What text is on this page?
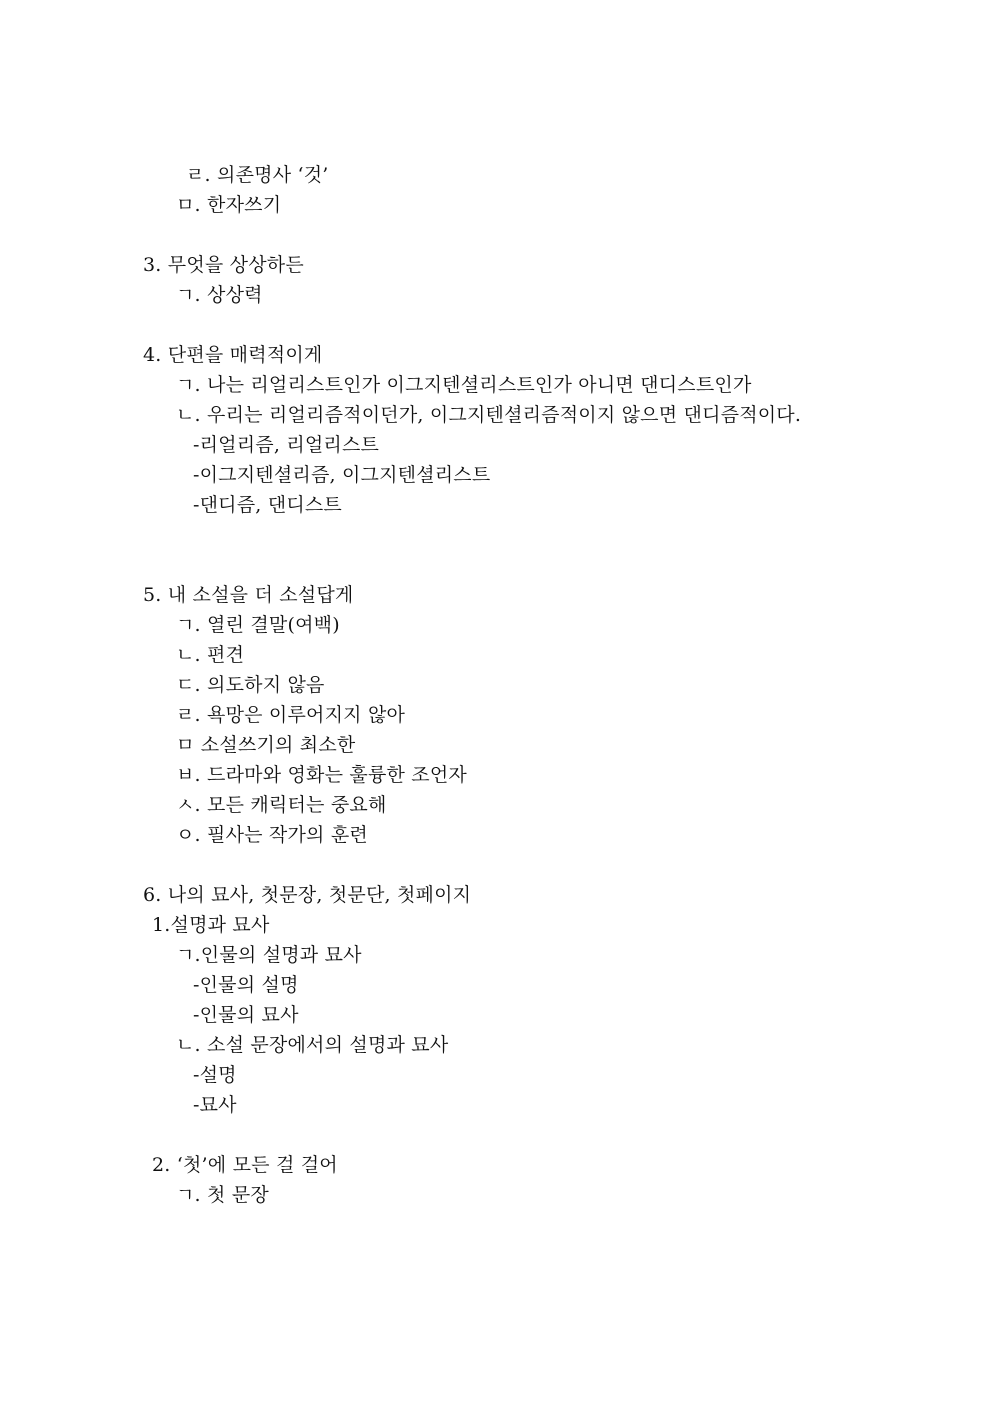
ㄹ. 의존명사 ‘것’
ㅁ. 한자쓰기
3. 무엇을 상상하든
ㄱ. 상상력
4. 단편을 매력적이게
ㄱ. 나는 리얼리스트인가 이그지텐셜리스트인가 아니면 댄디스트인가
ㄴ. 우리는 리얼리즘적이던가, 이그지텐셜리즘적이지 않으면 댄디즘적이다.
-리얼리즘, 리얼리스트
-이그지텐셜리즘, 이그지텐셜리스트
-댄디즘, 댄디스트
5. 내 소설을 더 소설답게
ㄱ. 열린 결말(여백)
ㄴ. 편견
ㄷ. 의도하지 않음
ㄹ. 욕망은 이루어지지 않아
ㅁ 소설쓰기의 최소한
ㅂ. 드라마와 영화는 훌륭한 조언자
ㅅ. 모든 캐릭터는 중요해
ㅇ. 필사는 작가의 훈련
6. 나의 묘사, 첫문장, 첫문단, 첫페이지
1.설명과 묘사
ㄱ.인물의 설명과 묘사
-인물의 설명
-인물의 묘사
ㄴ. 소설 문장에서의 설명과 묘사
-설명
-묘사
2. ‘첫’에 모든 걸 걸어
ㄱ. 첫 문장
